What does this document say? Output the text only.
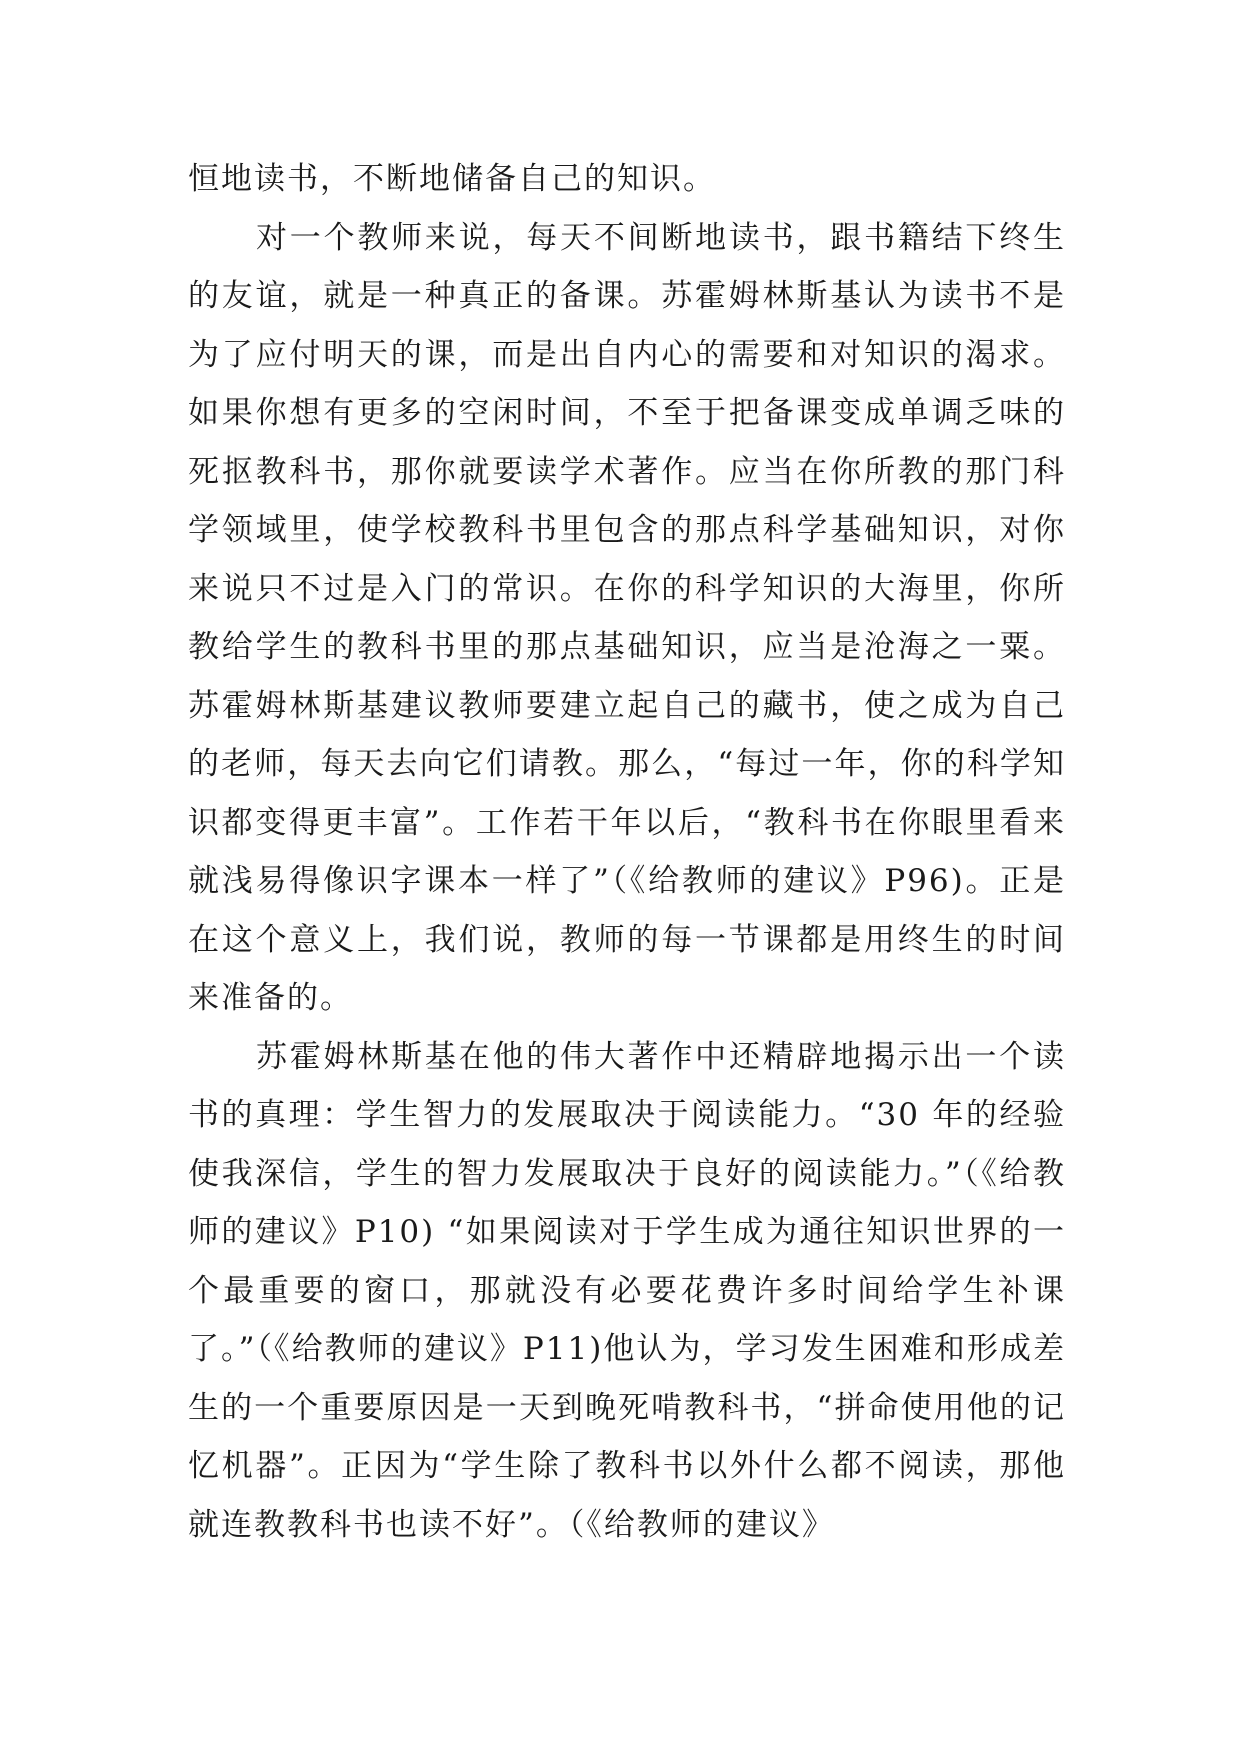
恒地读书，不断地储备自己的知识。

对一个教师来说，每天不间断地读书，跟书籍结下终生的友谊，就是一种真正的备课。苏霍姆林斯基认为读书不是为了应付明天的课，而是出自内心的需要和对知识的渴求。如果你想有更多的空闲时间，不至于把备课变成单调乏味的死抠教科书，那你就要读学术著作。应当在你所教的那门科学领域里，使学校教科书里包含的那点科学基础知识，对你来说只不过是入门的常识。在你的科学知识的大海里，你所教给学生的教科书里的那点基础知识，应当是沧海之一粟。苏霍姆林斯基建议教师要建立起自己的藏书，使之成为自己的老师，每天去向它们请教。那么，“每过一年，你的科学知识都变得更丰富”。工作若干年以后，“教科书在你眼里看来就浅易得像识字课本一样了”（《给教师的建议》P96)。正是在这个意义上，我们说，教师的每一节课都是用终生的时间来准备的。

苏霍姆林斯基在他的伟大著作中还精辟地揭示出一个读书的真理：学生智力的发展取决于阅读能力。“30 年的经验使我深信，学生的智力发展取决于良好的阅读能力。”（《给教师的建议》P10) “如果阅读对于学生成为通往知识世界的一个最重要的窗口，那就没有必要花费许多时间给学生补课了。”（《给教师的建议》P11)他认为，学习发生困难和形成差生的一个重要原因是一天到晚死啃教科书，“拼命使用他的记忆机器”。正因为“学生除了教科书以外什么都不阅读，那他就连教教科书也读不好”。（《给教师的建议》
